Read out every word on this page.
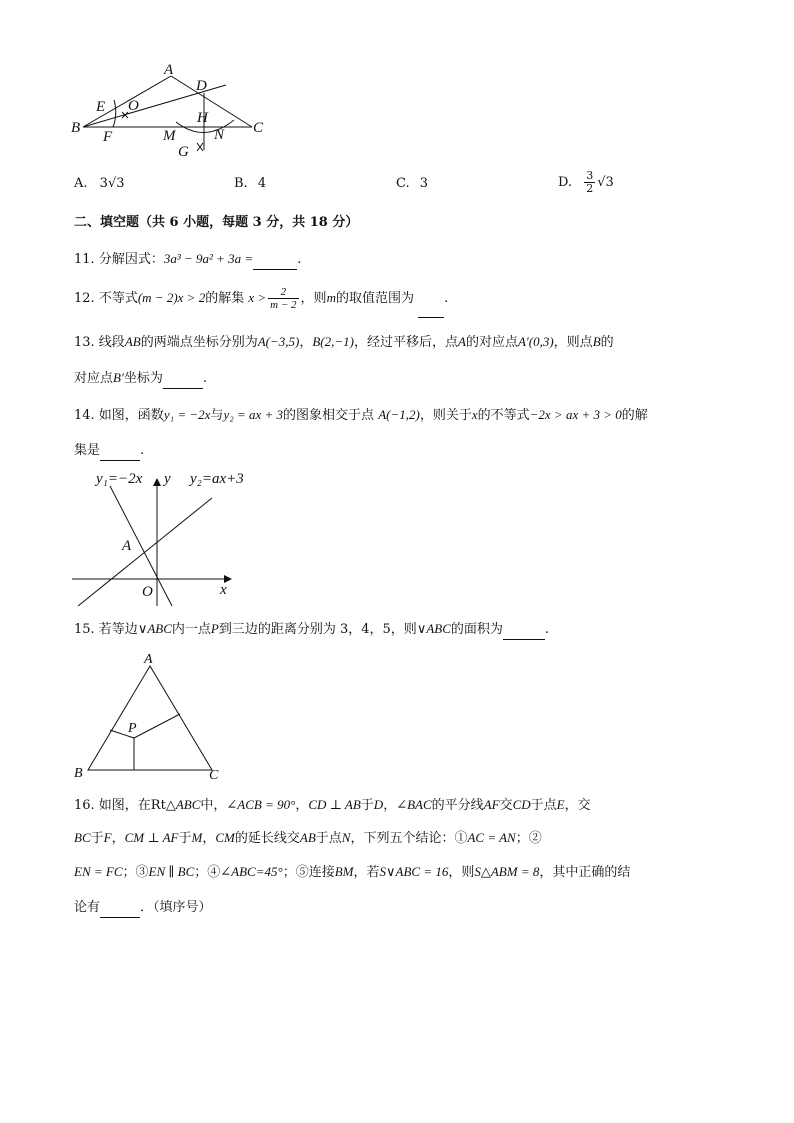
A
D
E O
B
F
H
M	N C
G
A. 3√3	B. 4	C. 3	D. $\frac{3}{2} √3$
二、填空题（共 6 小题，每题 3 分，共 18 分）
11. 分解因式：3a³ − 9a² + 3a =	.
12. 不等式(m − 2)x > 2的解集 $x > \frac{2}{m - 2}$ ，则m的取值范围为 .
13. 线段AB的两端点坐标分别为A(−3,5)，B(2,−1)，经过平移后，点A的对应点A′(0,3)，则点B的
对应点B′坐标为	.
14. 如图，函数y₁ = −2x与y₂ = ax + 3的图象相交于点 A(−1,2)，则关于x的不等式−2x > ax + 3 > 0的解
集是	.
y₁=−2x y y₂=ax+3
A
O	x
15. 若等边∨ABC内一点P到三边的距离分别为 3，4，5，则∨ABC的面积为	.
A
B	C
P
16. 如图，在Rt△ABC中，∠ACB = 90°，CD ⊥ AB于D，∠BAC的平分线AF交CD于点E，交
BC于F，CM ⊥ AF于M，CM的延长线交AB于点N，下列五个结论：①AC = AN；②
EN = FC；③EN ∥ BC；④∠ABC=45°；⑤连接BM，若S∨ABC = 16，则S△ABM = 8，其中正确的结
论有	．（填序号）
